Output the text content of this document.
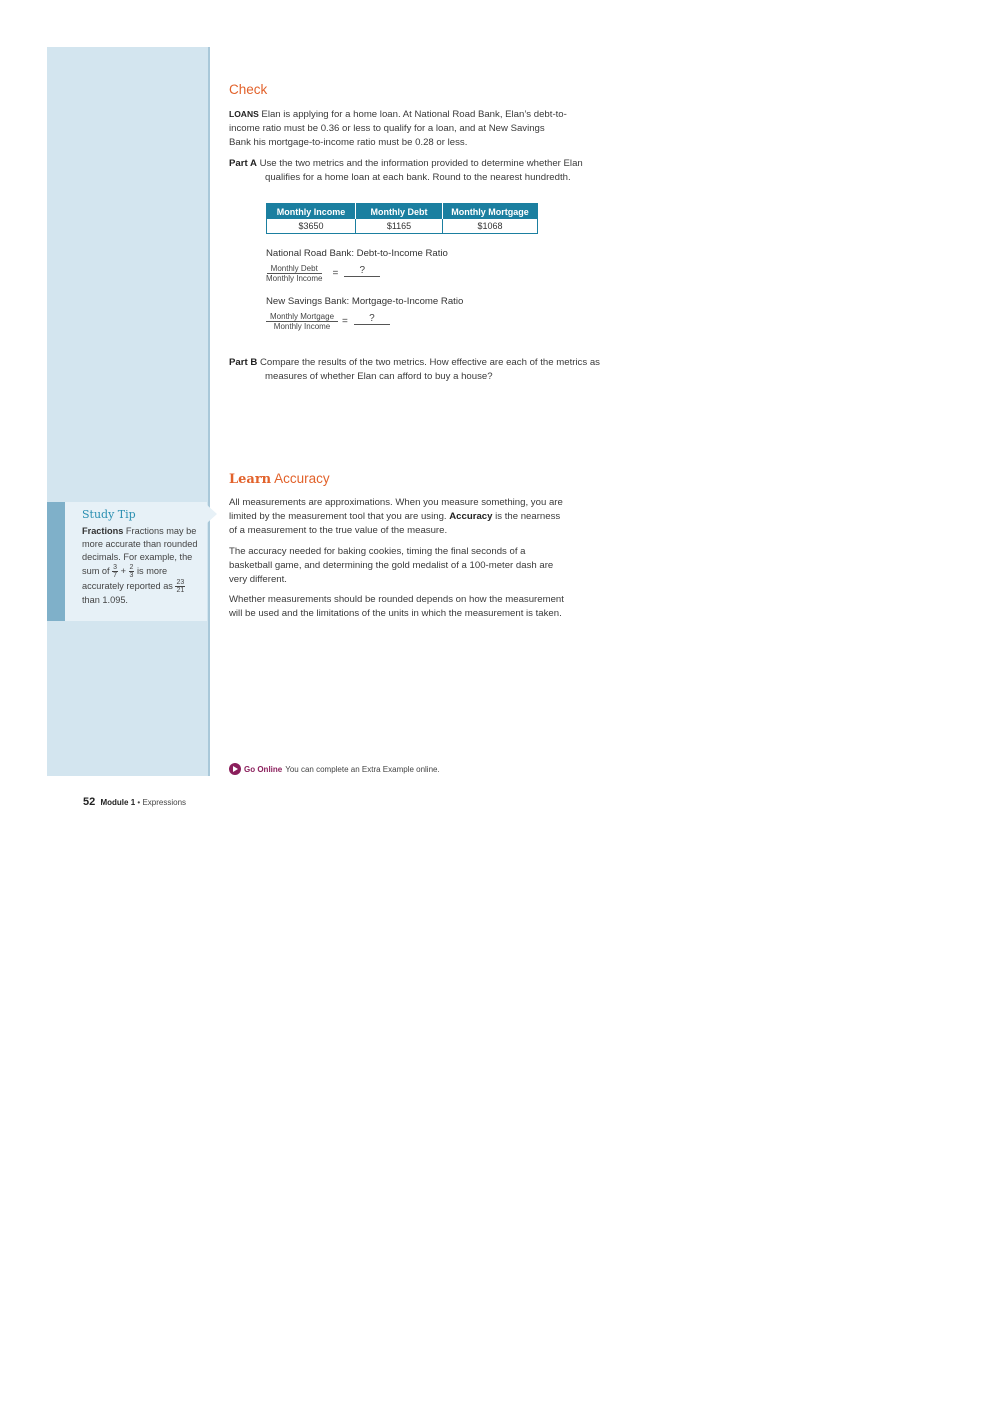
Study Tip
Fractions Fractions may be more accurate than rounded decimals. For example, the sum of $\frac{3}{7} + \frac{2}{3}$ is more accurately reported as $\frac{23}{21}$
than 1.095.
Check
LOANS Elan is applying for a home loan. At National Road Bank, Elan’s debt-to-income ratio must be 0.36 or less to qualify for a loan, and at New Savings Bank his mortgage-to-income ratio must be 0.28 or less.
Part A Use the two metrics and the information provided to determine whether Elan qualifies for a home loan at each bank. Round to the nearest hundredth.
Monthly Income	Monthly Debt	Monthly Mortgage
$3650	$1165	$1068
National Road Bank: Debt-to-Income Ratio
Monthly Debt
Monthly Income =	?
New Savings Bank: Mortgage-to-Income Ratio
Monthly Mortgage
Monthly Income =	?
Part B Compare the results of the two metrics. How effective are each of the metrics as measures of whether Elan can afford to buy a house?
Learn Accuracy
All measurements are approximations. When you measure something, you are limited by the measurement tool that you are using. Accuracy is the nearness of a measurement to the true value of the measure.
The accuracy needed for baking cookies, timing the final seconds of a basketball game, and determining the gold medalist of a 100-meter dash are very different.
Whether measurements should be rounded depends on how the measurement will be used and the limitations of the units in which the measurement is taken.
Go Online You can complete an Extra Example online.
52 Module 1 • Expressions
